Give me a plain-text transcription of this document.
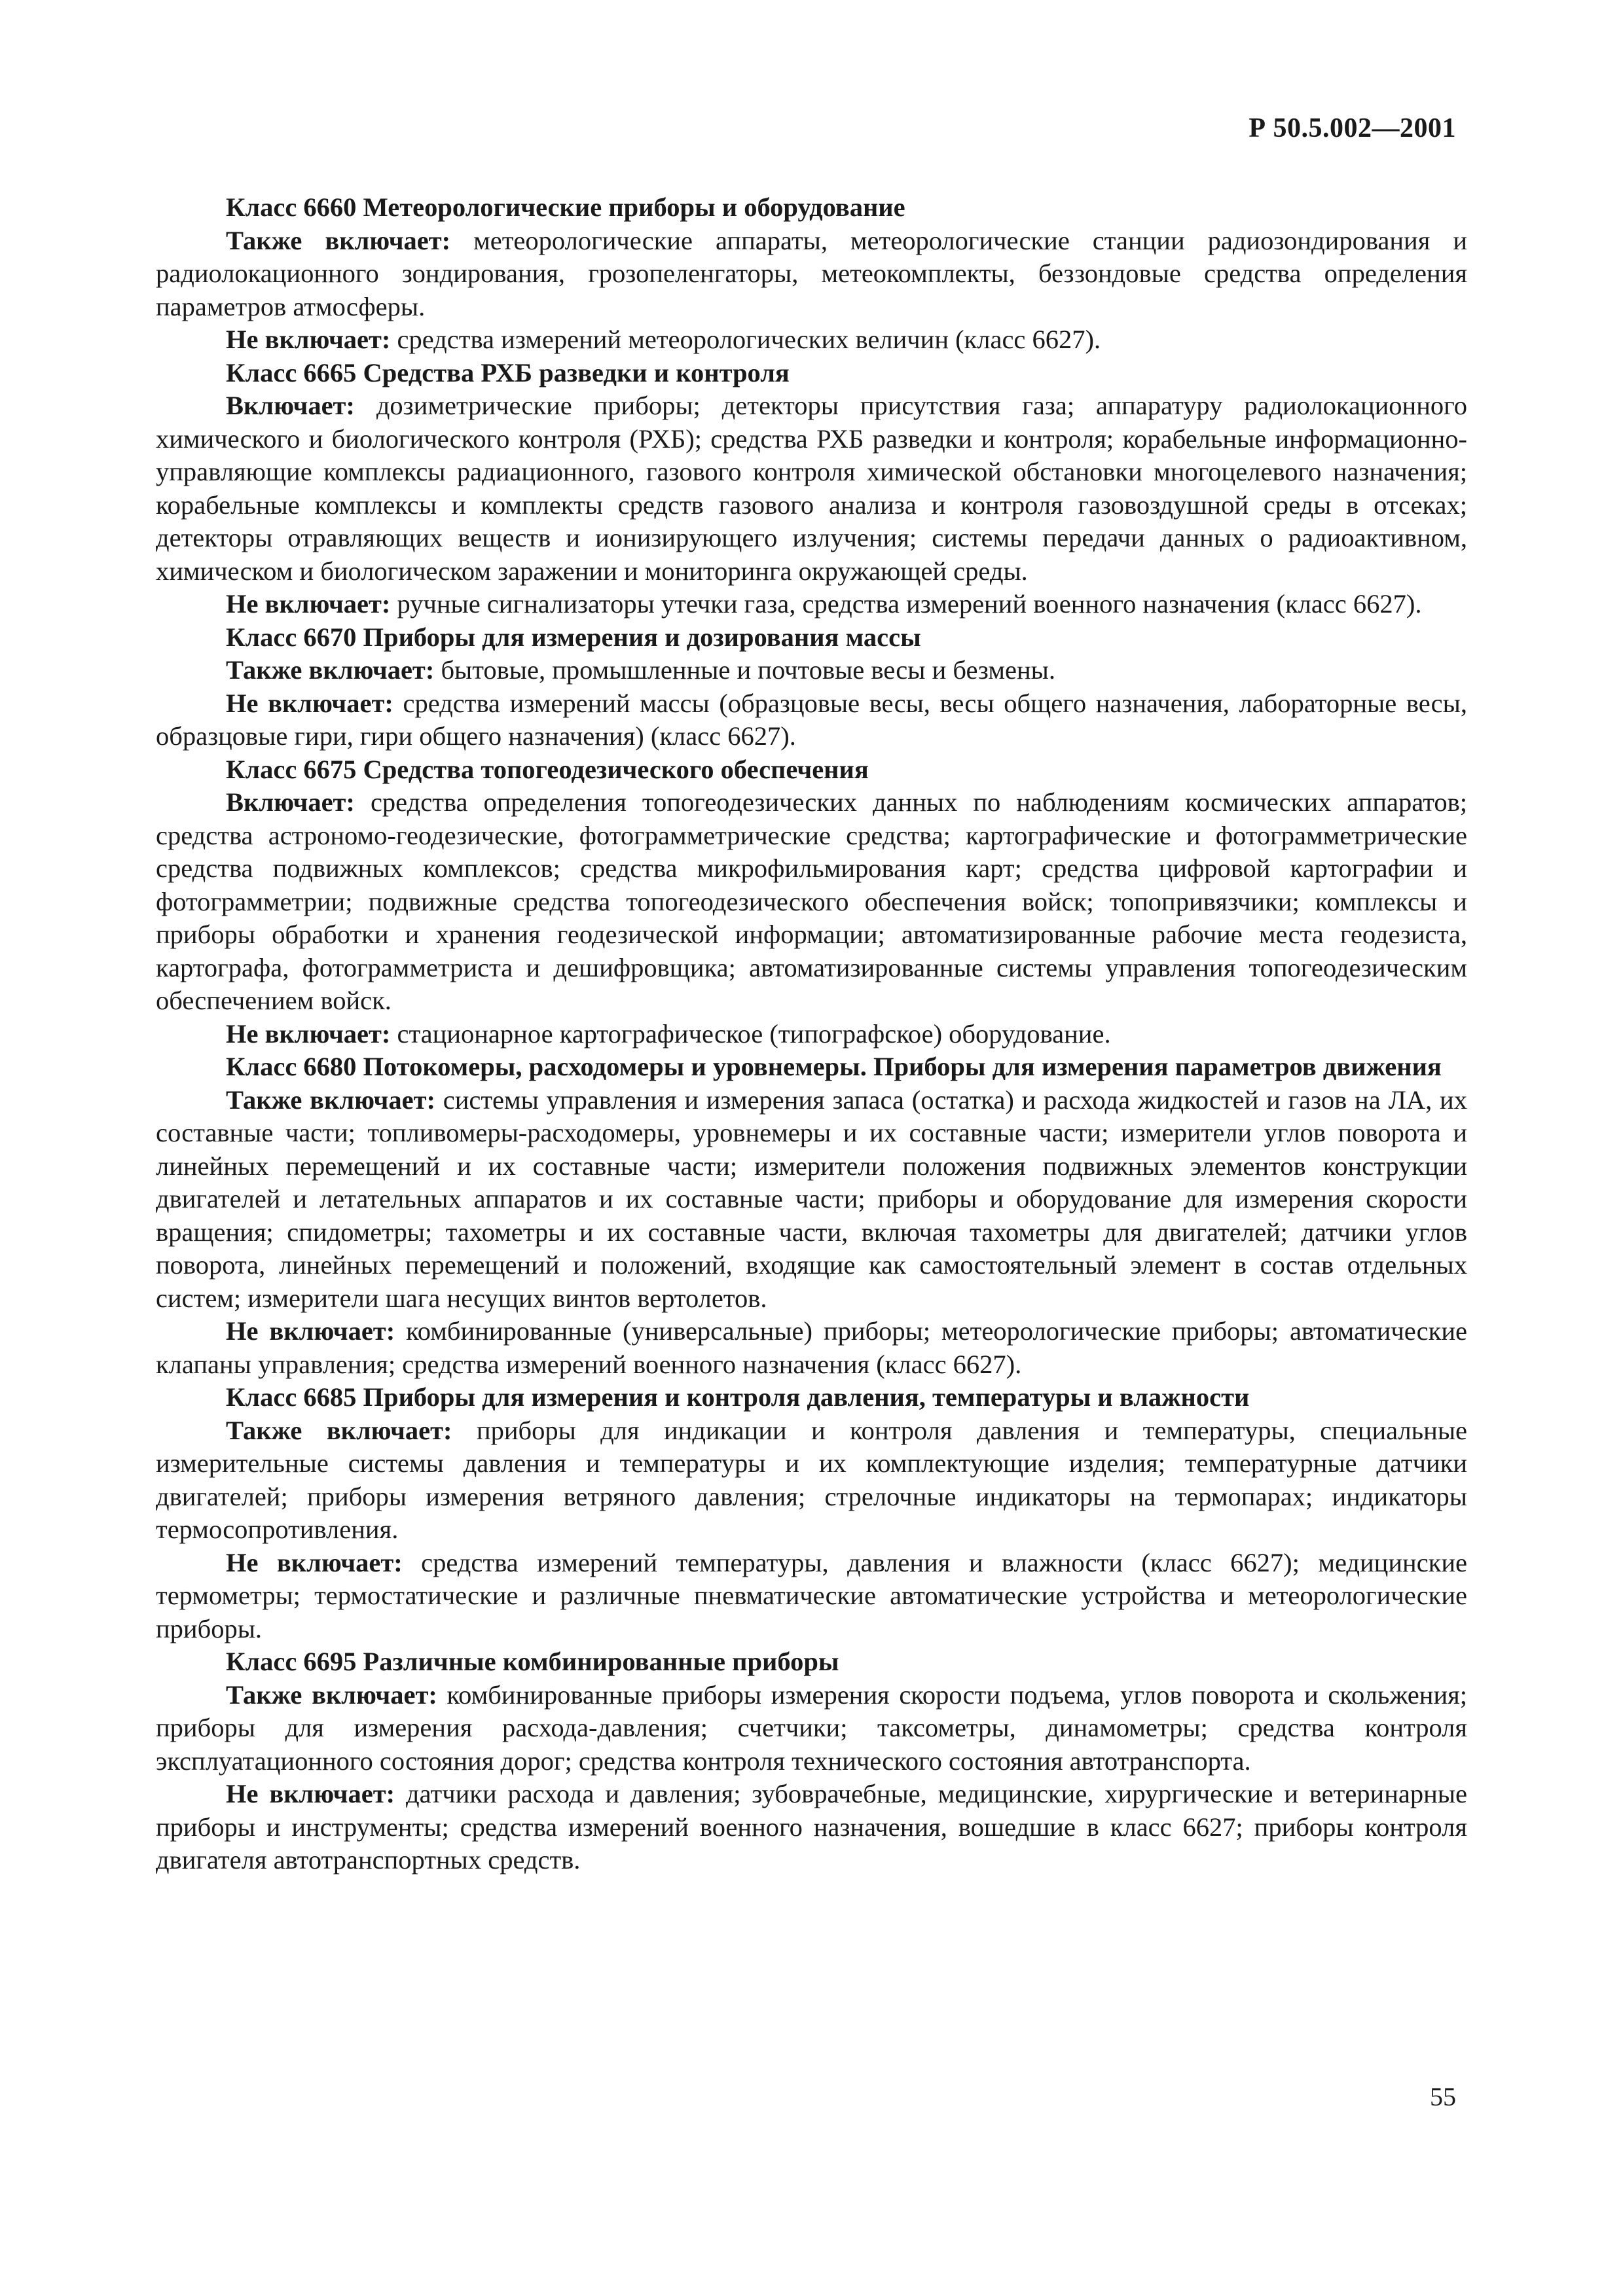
Р 50.5.002—2001

Класс 6660 Метеорологические приборы и оборудование

Также включает: метеорологические аппараты, метеорологические станции радиозондирования и радиолокационного зондирования, грозопеленгаторы, метеокомплекты, беззондовые средства определения параметров атмосферы.

Не включает: средства измерений метеорологических величин (класс 6627).

Класс 6665 Средства РХБ разведки и контроля

Включает: дозиметрические приборы; детекторы присутствия газа; аппаратуру радиолокационного химического и биологического контроля (РХБ); средства РХБ разведки и контроля; корабельные информационно-управляющие комплексы радиационного, газового контроля химической обстановки многоцелевого назначения; корабельные комплексы и комплекты средств газового анализа и контроля газовоздушной среды в отсеках; детекторы отравляющих веществ и ионизирующего излучения; системы передачи данных о радиоактивном, химическом и биологическом заражении и мониторинга окружающей среды.

Не включает: ручные сигнализаторы утечки газа, средства измерений военного назначения (класс 6627).

Класс 6670 Приборы для измерения и дозирования массы

Также включает: бытовые, промышленные и почтовые весы и безмены.

Не включает: средства измерений массы (образцовые весы, весы общего назначения, лабораторные весы, образцовые гири, гири общего назначения) (класс 6627).

Класс 6675 Средства топогеодезического обеспечения

Включает: средства определения топогеодезических данных по наблюдениям космических аппаратов; средства астрономо-геодезические, фотограмметрические средства; картографические и фотограмметрические средства подвижных комплексов; средства микрофильмирования карт; средства цифровой картографии и фотограмметрии; подвижные средства топогеодезического обеспечения войск; топопривязчики; комплексы и приборы обработки и хранения геодезической информации; автоматизированные рабочие места геодезиста, картографа, фотограмметриста и дешифровщика; автоматизированные системы управления топогеодезическим обеспечением войск.

Не включает: стационарное картографическое (типографское) оборудование.

Класс 6680 Потокомеры, расходомеры и уровнемеры. Приборы для измерения параметров движения

Также включает: системы управления и измерения запаса (остатка) и расхода жидкостей и газов на ЛА, их составные части; топливомеры-расходомеры, уровнемеры и их составные части; измерители углов поворота и линейных перемещений и их составные части; измерители положения подвижных элементов конструкции двигателей и летательных аппаратов и их составные части; приборы и оборудование для измерения скорости вращения; спидометры; тахометры и их составные части, включая тахометры для двигателей; датчики углов поворота, линейных перемещений и положений, входящие как самостоятельный элемент в состав отдельных систем; измерители шага несущих винтов вертолетов.

Не включает: комбинированные (универсальные) приборы; метеорологические приборы; автоматические клапаны управления; средства измерений военного назначения (класс 6627).

Класс 6685 Приборы для измерения и контроля давления, температуры и влажности

Также включает: приборы для индикации и контроля давления и температуры, специальные измерительные системы давления и температуры и их комплектующие изделия; температурные датчики двигателей; приборы измерения ветряного давления; стрелочные индикаторы на термопарах; индикаторы термосопротивления.

Не включает: средства измерений температуры, давления и влажности (класс 6627); медицинские термометры; термостатические и различные пневматические автоматические устройства и метеорологические приборы.

Класс 6695 Различные комбинированные приборы

Также включает: комбинированные приборы измерения скорости подъема, углов поворота и скольжения; приборы для измерения расхода-давления; счетчики; таксометры, динамометры; средства контроля эксплуатационного состояния дорог; средства контроля технического состояния автотранспорта.

Не включает: датчики расхода и давления; зубоврачебные, медицинские, хирургические и ветеринарные приборы и инструменты; средства измерений военного назначения, вошедшие в класс 6627; приборы контроля двигателя автотранспортных средств.

55
